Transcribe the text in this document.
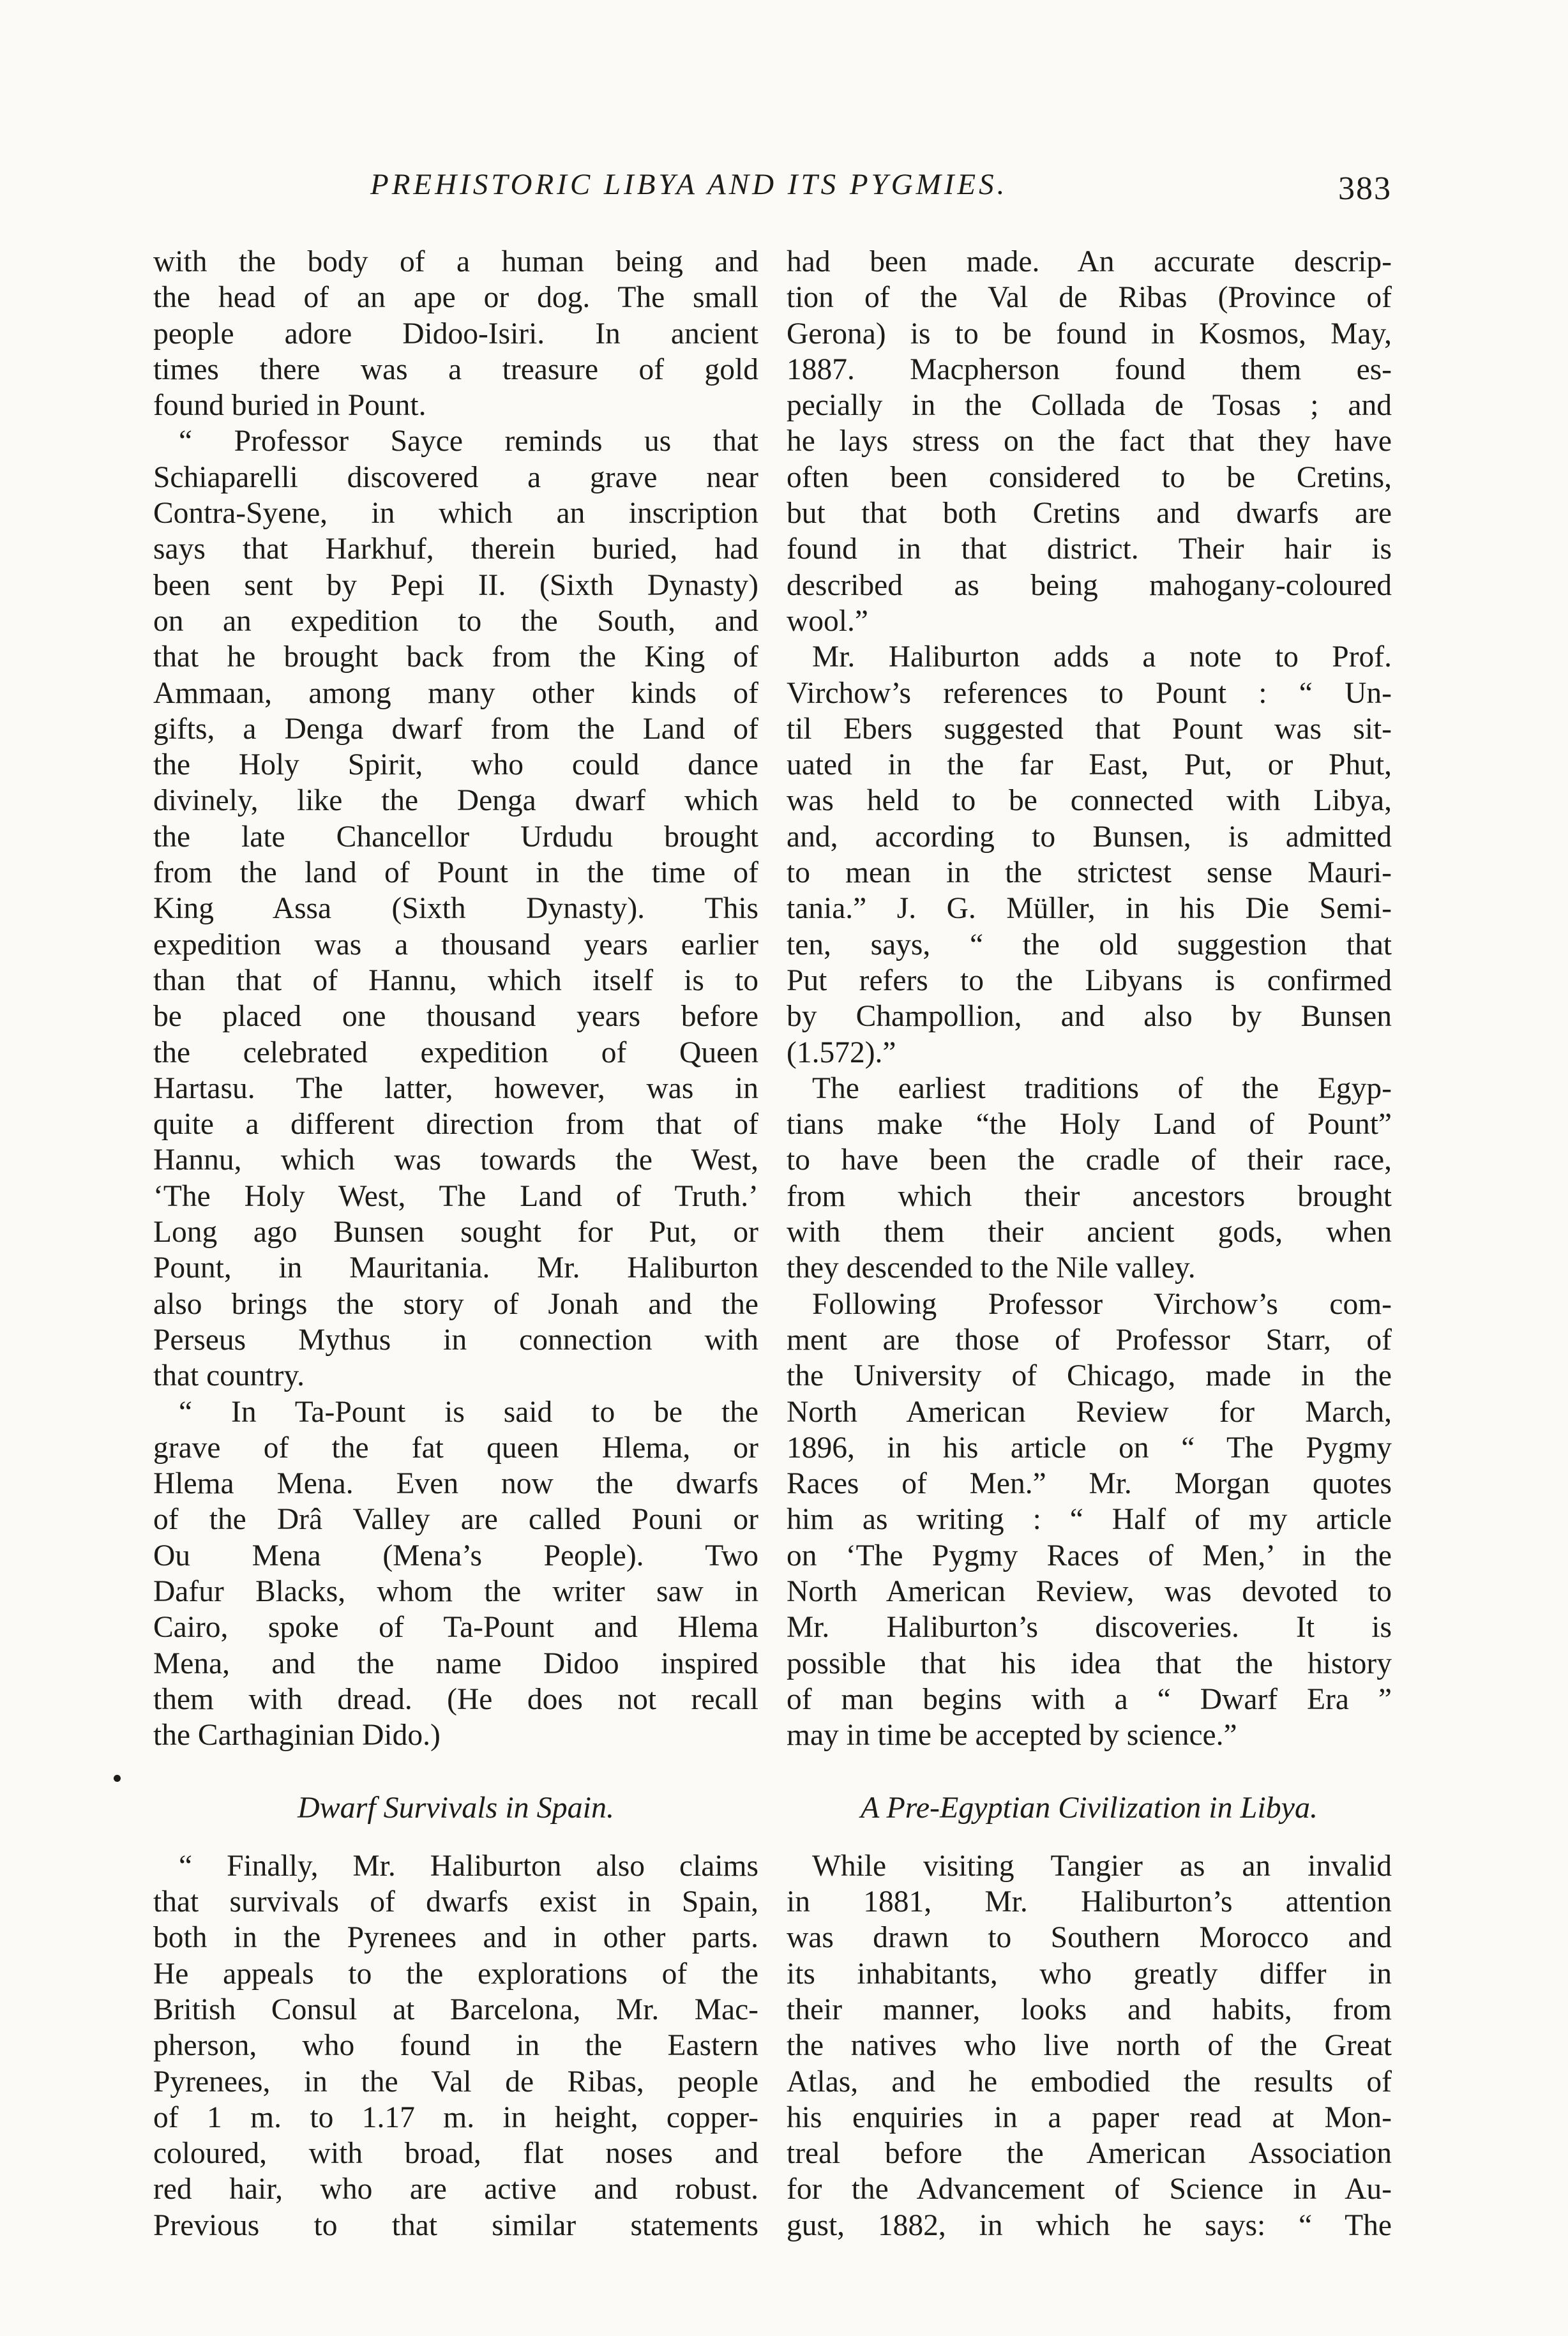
PREHISTORIC LIBYA AND ITS PYGMIES.	383
with the body of a human being and
the head of an ape or dog. The small
people adore Didoo-Isiri. In ancient
times there was a treasure of gold
found buried in Pount.
“ Professor Sayce reminds us that
Schiaparelli discovered a grave near
Contra-Syene, in which an inscription
says that Harkhuf, therein buried, had
been sent by Pepi II. (Sixth Dynasty)
on an expedition to the South, and
that he brought back from the King of
Ammaan, among many other kinds of
gifts, a Denga dwarf from the Land of
the Holy Spirit, who could dance
divinely, like the Denga dwarf which
the late Chancellor Urdudu brought
from the land of Pount in the time of
King Assa (Sixth Dynasty). This
expedition was a thousand years earlier
than that of Hannu, which itself is to
be placed one thousand years before
the celebrated expedition of Queen
Hartasu. The latter, however, was in
quite a different direction from that of
Hannu, which was towards the West,
‘The Holy West, The Land of Truth.’
Long ago Bunsen sought for Put, or
Pount, in Mauritania. Mr. Haliburton
also brings the story of Jonah and the
Perseus Mythus in connection with
that country.
“ In Ta-Pount is said to be the
grave of the fat queen Hlema, or
Hlema Mena. Even now the dwarfs
of the Drâ Valley are called Pouni or
Ou Mena (Mena’s People). Two
Dafur Blacks, whom the writer saw in
Cairo, spoke of Ta-Pount and Hlema
Mena, and the name Didoo inspired
them with dread. (He does not recall
the Carthaginian Dido.)
Dwarf Survivals in Spain.
“ Finally, Mr. Haliburton also claims
that survivals of dwarfs exist in Spain,
both in the Pyrenees and in other parts.
He appeals to the explorations of the
British Consul at Barcelona, Mr. Mac-
pherson, who found in the Eastern
Pyrenees, in the Val de Ribas, people
of 1 m. to 1.17 m. in height, copper-
coloured, with broad, flat noses and
red hair, who are active and robust.
Previous to that similar statements
had been made. An accurate descrip-
tion of the Val de Ribas (Province of
Gerona) is to be found in Kosmos, May,
1887. Macpherson found them es-
pecially in the Collada de Tosas ; and
he lays stress on the fact that they have
often been considered to be Cretins,
but that both Cretins and dwarfs are
found in that district. Their hair is
described as being mahogany-coloured
wool.”
Mr. Haliburton adds a note to Prof.
Virchow’s references to Pount : “ Un-
til Ebers suggested that Pount was sit-
uated in the far East, Put, or Phut,
was held to be connected with Libya,
and, according to Bunsen, is admitted
to mean in the strictest sense Mauri-
tania.” J. G. Müller, in his Die Semi-
ten, says, “ the old suggestion that
Put refers to the Libyans is confirmed
by Champollion, and also by Bunsen
(1.572).”
The earliest traditions of the Egyp-
tians make “the Holy Land of Pount”
to have been the cradle of their race,
from which their ancestors brought
with them their ancient gods, when
they descended to the Nile valley.
Following Professor Virchow’s com-
ment are those of Professor Starr, of
the University of Chicago, made in the
North American Review for March,
1896, in his article on “ The Pygmy
Races of Men.” Mr. Morgan quotes
him as writing : “ Half of my article
on ‘The Pygmy Races of Men,’ in the
North American Review, was devoted to
Mr. Haliburton’s discoveries. It is
possible that his idea that the history
of man begins with a “ Dwarf Era ”
may in time be accepted by science.”
A Pre-Egyptian Civilization in Libya.
While visiting Tangier as an invalid
in 1881, Mr. Haliburton’s attention
was drawn to Southern Morocco and
its inhabitants, who greatly differ in
their manner, looks and habits, from
the natives who live north of the Great
Atlas, and he embodied the results of
his enquiries in a paper read at Mon-
treal before the American Association
for the Advancement of Science in Au-
gust, 1882, in which he says: “ The
